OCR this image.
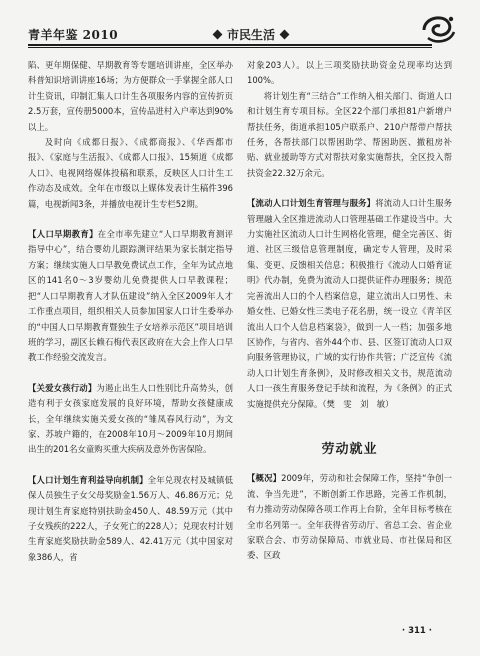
青羊年鉴 2010	市民生活

陷、更年期保健、早期教育等专题培训讲座，全区举办科普知识培训讲座16场；为方便群众一手掌握全部人口计生资讯，印制汇集人口计生各项服务内容的宣传折页2.5万套，宣传册5000本，宣传品进村入户率达到90%以上。

及时向《成都日报》、《成都商报》、《华西都市报》、《家庭与生活报》、《成都人口报》、15频道《成都人口》、电视网络媒体投稿和联系，反映区人口计生工作动态及成效。全年在市级以上媒体发表计生稿件396篇，电视新闻3条，并播放电视计生专栏52期。

【人口早期教育】在全市率先建立“人口早期教育测评指导中心”，结合婴幼儿跟踪测评结果为家长制定指导方案；继续实施人口早教免费试点工作，全年为试点地区的141名0～3岁婴幼儿免费提供人口早教课程；把“人口早期教育人才队伍建设”纳入全区2009年人才工作重点项目，组织相关人员参加国家人口计生委举办的“中国人口早期教育暨独生子女培养示范区”项目培训班的学习，副区长赖石梅代表区政府在大会上作人口早教工作经验交流发言。

【关爱女孩行动】为遏止出生人口性别比升高势头，创造有利于女孩家庭发展的良好环境，帮助女孩健康成长，全年继续实施关爱女孩的“雏凤春风行动”，为文家、苏坡户籍的，在2008年10月～2009年10月期间出生的201名女童购买重大疾病及意外伤害保险。

【人口计划生育利益导向机制】全年兑现农村及城镇低保人员独生子女父母奖励金1.56万人、46.86万元；兑现计划生育家庭特别扶助金450人、48.59万元（其中子女残疾的222人，子女死亡的228人）；兑现农村计划生育家庭奖励扶助金589人、42.41万元（其中国家对象386人，省

对象203人）。以上三项奖励扶助资金兑现率均达到100%。

将计划生育“三结合”工作纳入相关部门、街道人口和计划生育专项目标。全区22个部门承担81户新增户帮扶任务，街道承担105户联系户、210户帮带户帮扶任务，各帮扶部门以帮困助学、帮困助医、撤租房补贴、就业援助等方式对帮扶对象实施帮扶，全区投入帮扶资金22.32万余元。

【流动人口计划生育管理与服务】将流动人口计生服务管理融入全区推进流动人口管理基础工作建设当中。大力实施社区流动人口计生网格化管理，健全完善区、街道、社区三级信息管理制度，确定专人管理，及时采集、变更、反馈相关信息；积极推行《流动人口婚育证明》代办制，免费为流动人口提供证件办理服务；规范完善流出人口的个人档案信息，建立流出人口男性、未婚女性、已婚女性三类电子花名册，统一设立《青羊区流出人口个人信息档案袋》，做到一人一档；加强多地区协作，与省内、省外44个市、县、区签订流动人口双向服务管理协议，广域的实行协作共管；广泛宣传《流动人口计划生育条例》，及时修改相关文书，规范流动人口一孩生育服务登记手续和流程，为《条例》的正式实施提供充分保障。（樊　雯　刘　敏）

劳动就业

【概况】2009年，劳动和社会保障工作，坚持“争创一流、争当先进”，不断创新工作思路，完善工作机制，有力推动劳动保障各项工作再上台阶，全年目标考核在全市名列第一。全年获得省劳动厅、省总工会、省企业家联合会、市劳动保障局、市就业局、市社保局和区委、区政

· 311 ·
